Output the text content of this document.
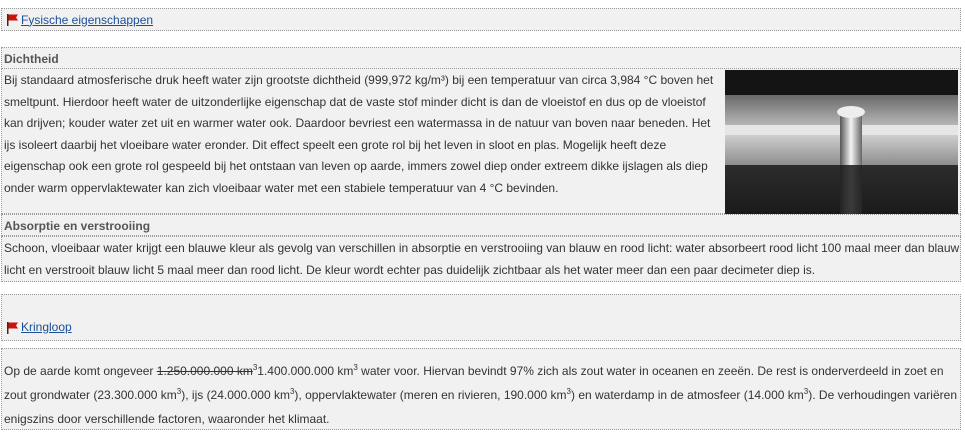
Fysische eigenschappen
Dichtheid
Bij standaard atmosferische druk heeft water zijn grootste dichtheid (999,972 kg/m³) bij een temperatuur van circa 3,984 °C boven het smeltpunt. Hierdoor heeft water de uitzonderlijke eigenschap dat de vaste stof minder dicht is dan de vloeistof en dus op de vloeistof kan drijven; kouder water zet uit en warmer water ook. Daardoor bevriest een watermassa in de natuur van boven naar beneden. Het ijs isoleert daarbij het vloeibare water eronder. Dit effect speelt een grote rol bij het leven in sloot en plas. Mogelijk heeft deze eigenschap ook een grote rol gespeeld bij het ontstaan van leven op aarde, immers zowel diep onder extreem dikke ijslagen als diep onder warm oppervlaktewater kan zich vloeibaar water met een stabiele temperatuur van 4 °C bevinden.
Absorptie en verstrooiing
Schoon, vloeibaar water krijgt een blauwe kleur als gevolg van verschillen in absorptie en verstrooiing van blauw en rood licht: water absorbeert rood licht 100 maal meer dan blauw licht en verstrooit blauw licht 5 maal meer dan rood licht. De kleur wordt echter pas duidelijk zichtbaar als het water meer dan een paar decimeter diep is.
Kringloop
Op de aarde komt ongeveer 1.250.000.000 $km^31.400.000.000$ $km^3$ water voor. Hiervan bevindt 97% zich als zout water in oceanen en zeeën. De rest is onderverdeeld in zoet en zout grondwater (23.300.000 $km^3$), ijs (24.000.000 $km^3$), oppervlaktewater (meren en rivieren, 190.000 $km^3$) en waterdamp in de atmosfeer (14.000 $km^3$). De verhoudingen variëren enigszins door verschillende factoren, waaronder het klimaat.
